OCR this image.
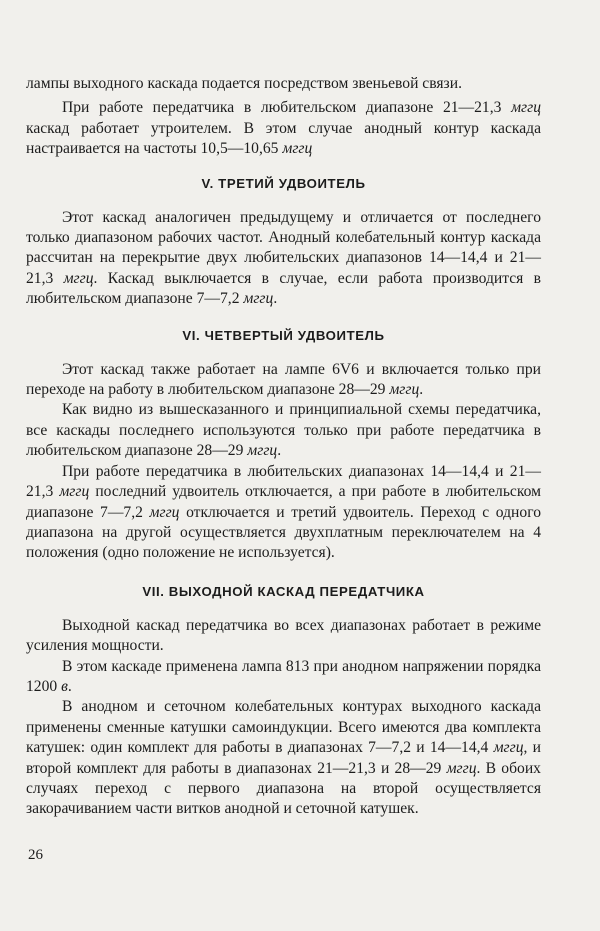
лампы выходного каскада подается посредством звеньевой связи.

При работе передатчика в любительском диапазоне 21—21,3 мггц каскад работает утроителем. В этом случае анодный контур каскада настраивается на частоты 10,5—10,65 мггц

V. ТРЕТИЙ УДВОИТЕЛЬ

Этот каскад аналогичен предыдущему и отличается от последнего только диапазоном рабочих частот. Анодный колебательный контур каскада рассчитан на перекрытие двух любительских диапазонов 14—14,4 и 21—21,3 мггц. Каскад выключается в случае, если работа производится в любительском диапазоне 7—7,2 мггц.

VI. ЧЕТВЕРТЫЙ УДВОИТЕЛЬ

Этот каскад также работает на лампе 6V6 и включается только при переходе на работу в любительском диапазоне 28—29 мггц.

Как видно из вышесказанного и принципиальной схемы передатчика, все каскады последнего используются только при работе передатчика в любительском диапазоне 28—29 мггц.

При работе передатчика в любительских диапазонах 14—14,4 и 21—21,3 мггц последний удвоитель отключается, а при работе в любительском диапазоне 7—7,2 мггц отключается и третий удвоитель. Переход с одного диапазона на другой осуществляется двухплатным переключателем на 4 положения (одно положение не используется).

VII. ВЫХОДНОЙ КАСКАД ПЕРЕДАТЧИКА

Выходной каскад передатчика во всех диапазонах работает в режиме усиления мощности.

В этом каскаде применена лампа 813 при анодном напряжении порядка 1200 в.

В анодном и сеточном колебательных контурах выходного каскада применены сменные катушки самоиндукции. Всего имеются два комплекта катушек: один комплект для работы в диапазонах 7—7,2 и 14—14,4 мггц, и второй комплект для работы в диапазонах 21—21,3 и 28—29 мггц. В обоих случаях переход с первого диапазона на второй осуществляется закорачиванием части витков анодной и сеточной катушек.

26
